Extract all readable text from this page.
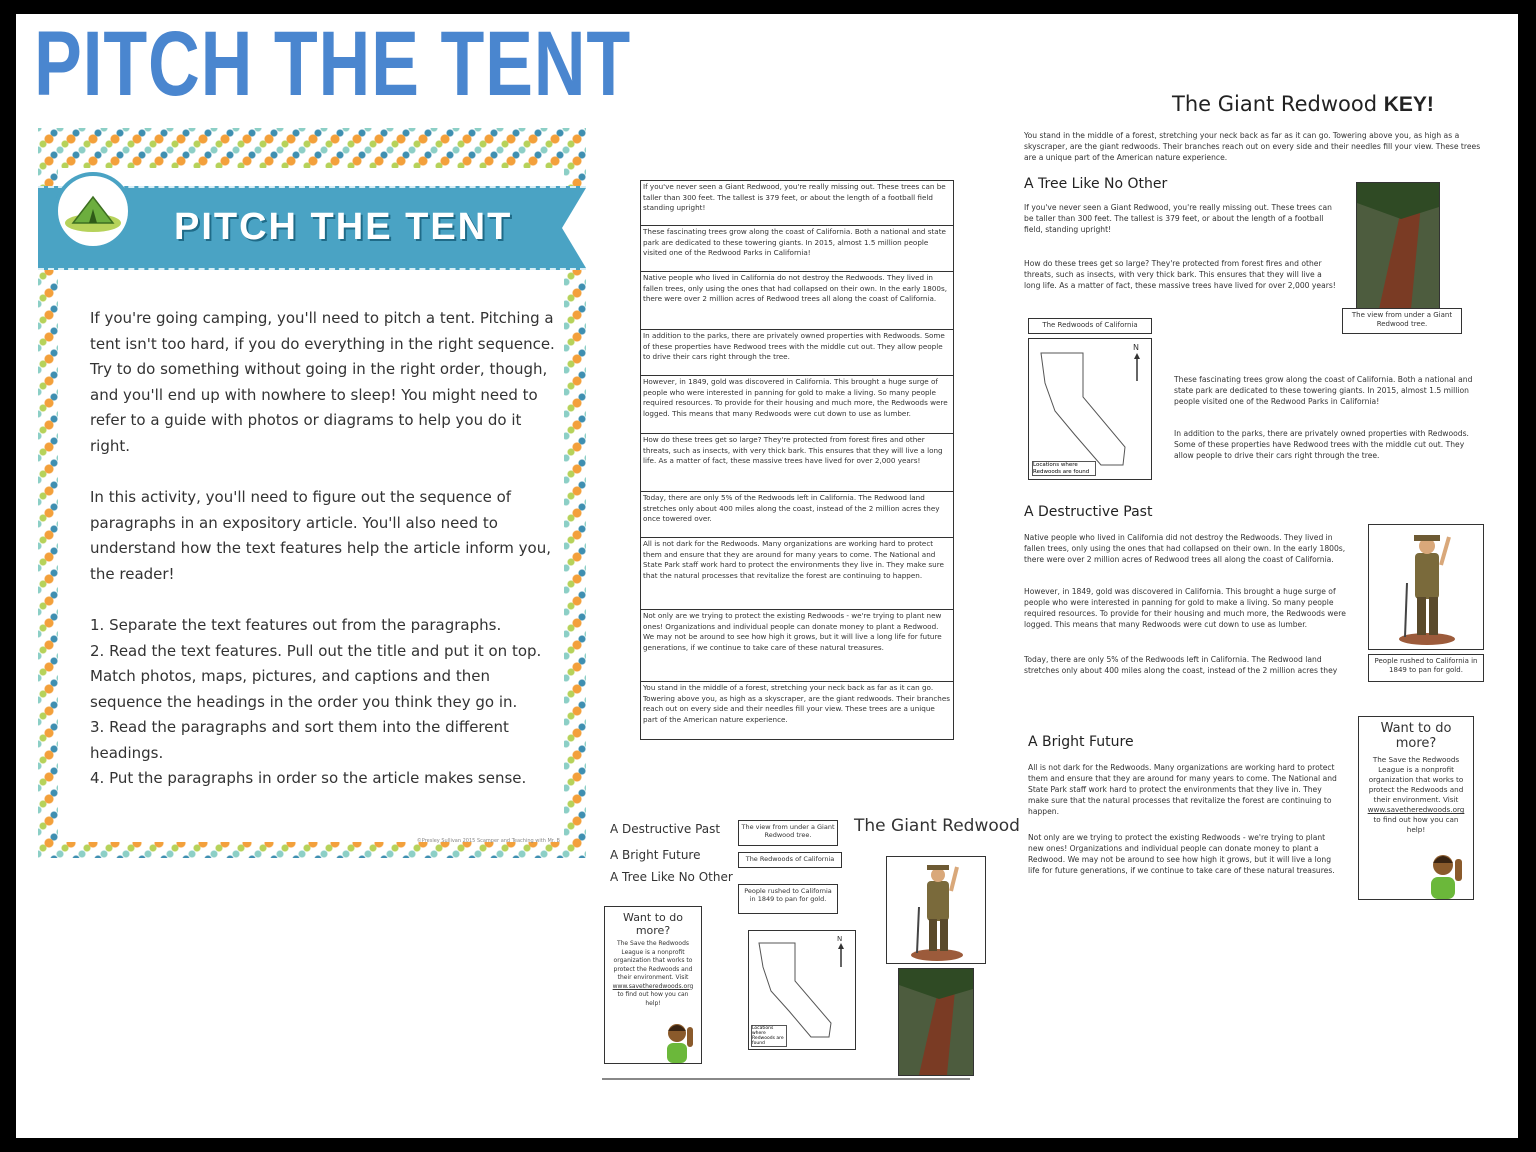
PITCH THE TENT
PITCH THE TENT

If you're going camping, you'll need to pitch a tent. Pitching a tent isn't too hard, if you do everything in the right sequence. Try to do something without going in the right order, though, and you'll end up with nowhere to sleep! You might need to refer to a guide with photos or diagrams to help you do it right.

In this activity, you'll need to figure out the sequence of paragraphs in an expository article. You'll also need to understand how the text features help the article inform you, the reader!

1. Separate the text features out from the paragraphs.
2. Read the text features. Pull out the title and put it on top. Match photos, maps, pictures, and captions and then sequence the headings in the order you think they go in.
3. Read the paragraphs and sort them into the different headings.
4. Put the paragraphs in order so the article makes sense.
©Presley Sullivan 2015 Scamper and Teaching with Mr. B
If you've never seen a Giant Redwood, you're really missing out. These trees can be taller than 300 feet. The tallest is 379 feet, or about the length of a football field standing upright!
These fascinating trees grow along the coast of California. Both a national and state park are dedicated to these towering giants. In 2015, almost 1.5 million people visited one of the Redwood Parks in California!
Native people who lived in California do not destroy the Redwoods. They lived in fallen trees, only using the ones that had collapsed on their own. In the early 1800s, there were over 2 million acres of Redwood trees all along the coast of California.
In addition to the parks, there are privately owned properties with Redwoods. Some of these properties have Redwood trees with the middle cut out. They allow people to drive their cars right through the tree.
However, in 1849, gold was discovered in California. This brought a huge surge of people who were interested in panning for gold to make a living. So many people required resources. To provide for their housing and much more, the Redwoods were logged. This means that many Redwoods were cut down to use as lumber.
How do these trees get so large? They're protected from forest fires and other threats, such as insects, with very thick bark. This ensures that they will live a long life. As a matter of fact, these massive trees have lived for over 2,000 years!
Today, there are only 5% of the Redwoods left in California. The Redwood land stretches only about 400 miles along the coast, instead of the 2 million acres they once towered over.
All is not dark for the Redwoods. Many organizations are working hard to protect them and ensure that they are around for many years to come. The National and State Park staff work hard to protect the environments they live in. They make sure that the natural processes that revitalize the forest are continuing to happen.
Not only are we trying to protect the existing Redwoods - we're trying to plant new ones! Organizations and individual people can donate money to plant a Redwood. We may not be around to see how high it grows, but it will live a long life for future generations, if we continue to take care of these natural treasures.
You stand in the middle of a forest, stretching your neck back as far as it can go. Towering above you, as high as a skyscraper, are the giant redwoods. Their branches reach out on every side and their needles fill your view. These trees are a unique part of the American nature experience.
A Destructive Past
A Bright Future
A Tree Like No Other
The view from under a Giant Redwood tree.
The Redwoods of California
People rushed to California in 1849 to pan for gold.
The Giant Redwood
Want to do more?
The Save the Redwoods League is a nonprofit organization that works to protect the Redwoods and their environment. Visit www.savetheredwoods.org to find out how you can help!
N
Locations where Redwoods are found
The Giant Redwood KEY!
You stand in the middle of a forest, stretching your neck back as far as it can go. Towering above you, as high as a skyscraper, are the giant redwoods. Their branches reach out on every side and their needles fill your view. These trees are a unique part of the American nature experience.
A Tree Like No Other
If you've never seen a Giant Redwood, you're really missing out. These trees can be taller than 300 feet. The tallest is 379 feet, or about the length of a football field, standing upright!
How do these trees get so large? They're protected from forest fires and other threats, such as insects, with very thick bark. This ensures that they will live a long life. As a matter of fact, these massive trees have lived for over 2,000 years!
The view from under a Giant Redwood tree.
The Redwoods of California
N
Locations where Redwoods are found
These fascinating trees grow along the coast of California. Both a national and state park are dedicated to these towering giants. In 2015, almost 1.5 million people visited one of the Redwood Parks in California!
In addition to the parks, there are privately owned properties with Redwoods. Some of these properties have Redwood trees with the middle cut out. They allow people to drive their cars right through the tree.
A Destructive Past
Native people who lived in California did not destroy the Redwoods. They lived in fallen trees, only using the ones that had collapsed on their own. In the early 1800s, there were over 2 million acres of Redwood trees all along the coast of California.
However, in 1849, gold was discovered in California. This brought a huge surge of people who were interested in panning for gold to make a living. So many people required resources. To provide for their housing and much more, the Redwoods were logged. This means that many Redwoods were cut down to use as lumber.
Today, there are only 5% of the Redwoods left in California. The Redwood land stretches only about 400 miles along the coast, instead of the 2 million acres they
People rushed to California in 1849 to pan for gold.
A Bright Future
All is not dark for the Redwoods. Many organizations are working hard to protect them and ensure that they are around for many years to come. The National and State Park staff work hard to protect the environments that they live in. They make sure that the natural processes that revitalize the forest are continuing to happen.
Not only are we trying to protect the existing Redwoods - we're trying to plant new ones! Organizations and individual people can donate money to plant a Redwood. We may not be around to see how high it grows, but it will live a long life for future generations, if we continue to take care of these natural treasures.
Want to do more?
The Save the Redwoods League is a nonprofit organization that works to protect the Redwoods and their environment. Visit www.savetheredwoods.org to find out how you can help!
